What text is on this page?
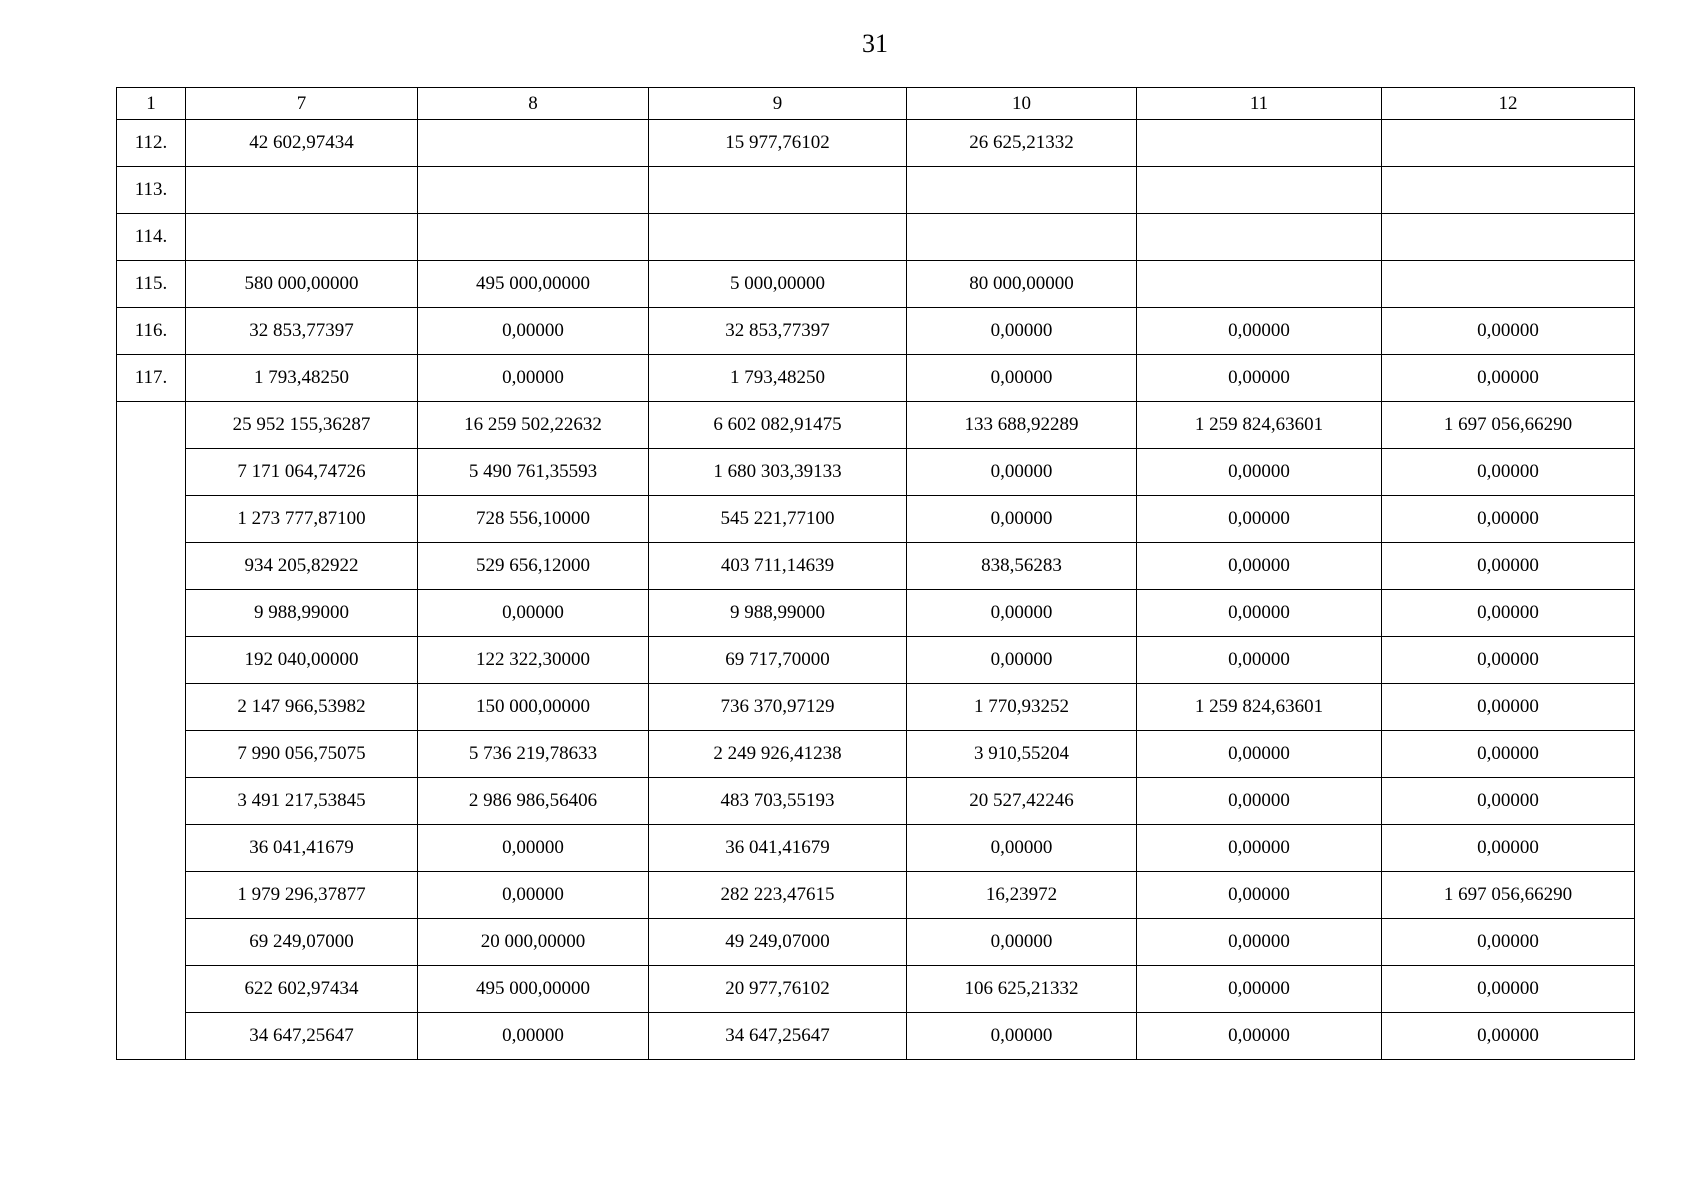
31
1	7	8	9	10	11	12
112.	42 602,97434		15 977,76102	26 625,21332		
113.						
114.						
115.	580 000,00000	495 000,00000	5 000,00000	80 000,00000		
116.	32 853,77397	0,00000	32 853,77397	0,00000	0,00000	0,00000
117.	1 793,48250	0,00000	1 793,48250	0,00000	0,00000	0,00000
	25 952 155,36287	16 259 502,22632	6 602 082,91475	133 688,92289	1 259 824,63601	1 697 056,66290
	7 171 064,74726	5 490 761,35593	1 680 303,39133	0,00000	0,00000	0,00000
	1 273 777,87100	728 556,10000	545 221,77100	0,00000	0,00000	0,00000
	934 205,82922	529 656,12000	403 711,14639	838,56283	0,00000	0,00000
	9 988,99000	0,00000	9 988,99000	0,00000	0,00000	0,00000
	192 040,00000	122 322,30000	69 717,70000	0,00000	0,00000	0,00000
	2 147 966,53982	150 000,00000	736 370,97129	1 770,93252	1 259 824,63601	0,00000
	7 990 056,75075	5 736 219,78633	2 249 926,41238	3 910,55204	0,00000	0,00000
	3 491 217,53845	2 986 986,56406	483 703,55193	20 527,42246	0,00000	0,00000
	36 041,41679	0,00000	36 041,41679	0,00000	0,00000	0,00000
	1 979 296,37877	0,00000	282 223,47615	16,23972	0,00000	1 697 056,66290
	69 249,07000	20 000,00000	49 249,07000	0,00000	0,00000	0,00000
	622 602,97434	495 000,00000	20 977,76102	106 625,21332	0,00000	0,00000
	34 647,25647	0,00000	34 647,25647	0,00000	0,00000	0,00000
